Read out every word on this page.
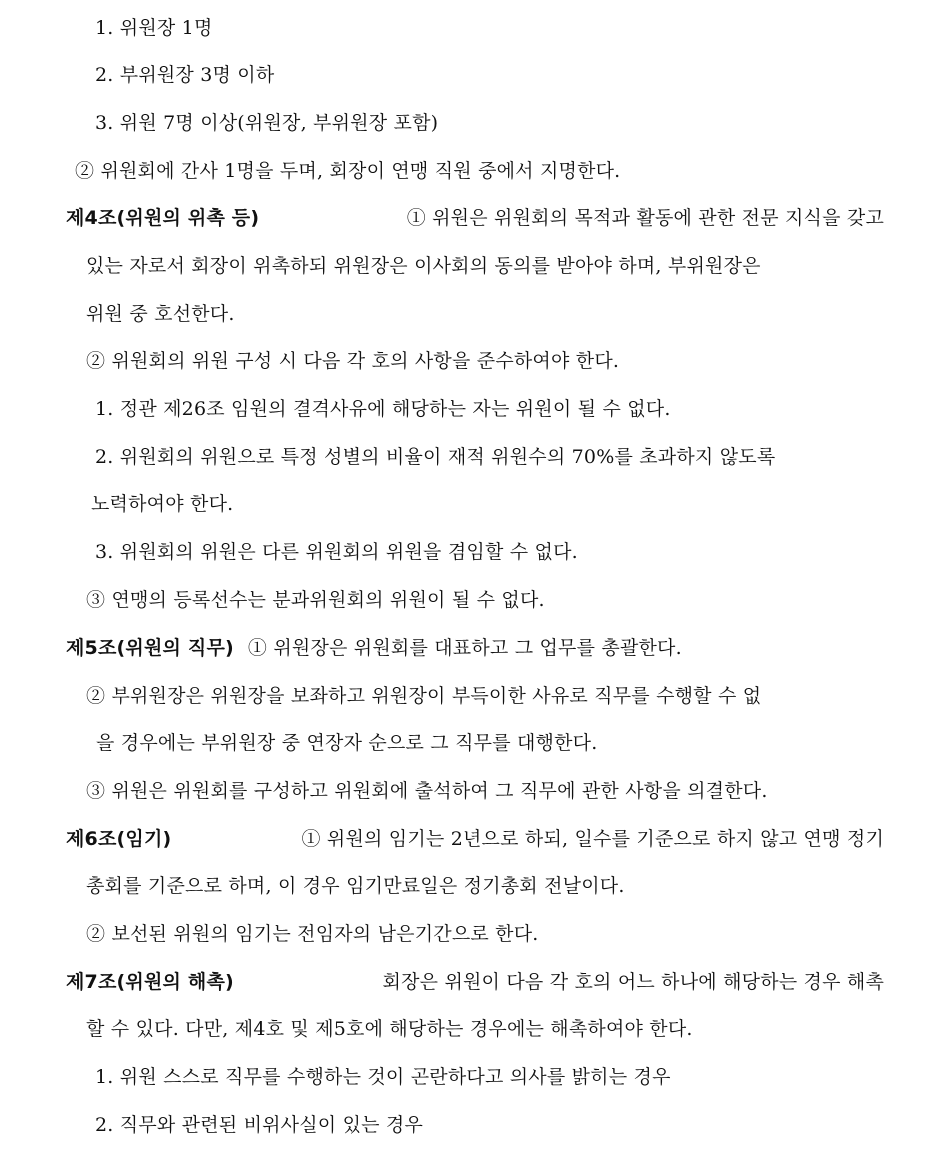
1. 위원장 1명
2. 부위원장 3명 이하
3. 위원 7명 이상(위원장, 부위원장 포함)
② 위원회에 간사 1명을 두며, 회장이 연맹 직원 중에서 지명한다.
제4조(위원의 위촉 등)	① 위원은 위원회의 목적과 활동에 관한 전문 지식을 갖고
있는 자로서 회장이 위촉하되 위원장은 이사회의 동의를 받아야 하며, 부위원장은
위원 중 호선한다.
② 위원회의 위원 구성 시 다음 각 호의 사항을 준수하여야 한다.
1. 정관 제26조 임원의 결격사유에 해당하는 자는 위원이 될 수 없다.
2. 위원회의 위원으로 특정 성별의 비율이 재적 위원수의 70%를 초과하지 않도록
노력하여야 한다.
3. 위원회의 위원은 다른 위원회의 위원을 겸임할 수 없다.
③ 연맹의 등록선수는 분과위원회의 위원이 될 수 없다.
제5조(위원의 직무) ① 위원장은 위원회를 대표하고 그 업무를 총괄한다.
② 부위원장은 위원장을 보좌하고 위원장이 부득이한 사유로 직무를 수행할 수 없
을 경우에는 부위원장 중 연장자 순으로 그 직무를 대행한다.
③ 위원은 위원회를 구성하고 위원회에 출석하여 그 직무에 관한 사항을 의결한다.
제6조(임기)	① 위원의 임기는 2년으로 하되, 일수를 기준으로 하지 않고 연맹 정기
총회를 기준으로 하며, 이 경우 임기만료일은 정기총회 전날이다.
② 보선된 위원의 임기는 전임자의 남은기간으로 한다.
제7조(위원의 해촉)	회장은 위원이 다음 각 호의 어느 하나에 해당하는 경우 해촉
할 수 있다. 다만, 제4호 및 제5호에 해당하는 경우에는 해촉하여야 한다.
1. 위원 스스로 직무를 수행하는 것이 곤란하다고 의사를 밝히는 경우
2. 직무와 관련된 비위사실이 있는 경우
